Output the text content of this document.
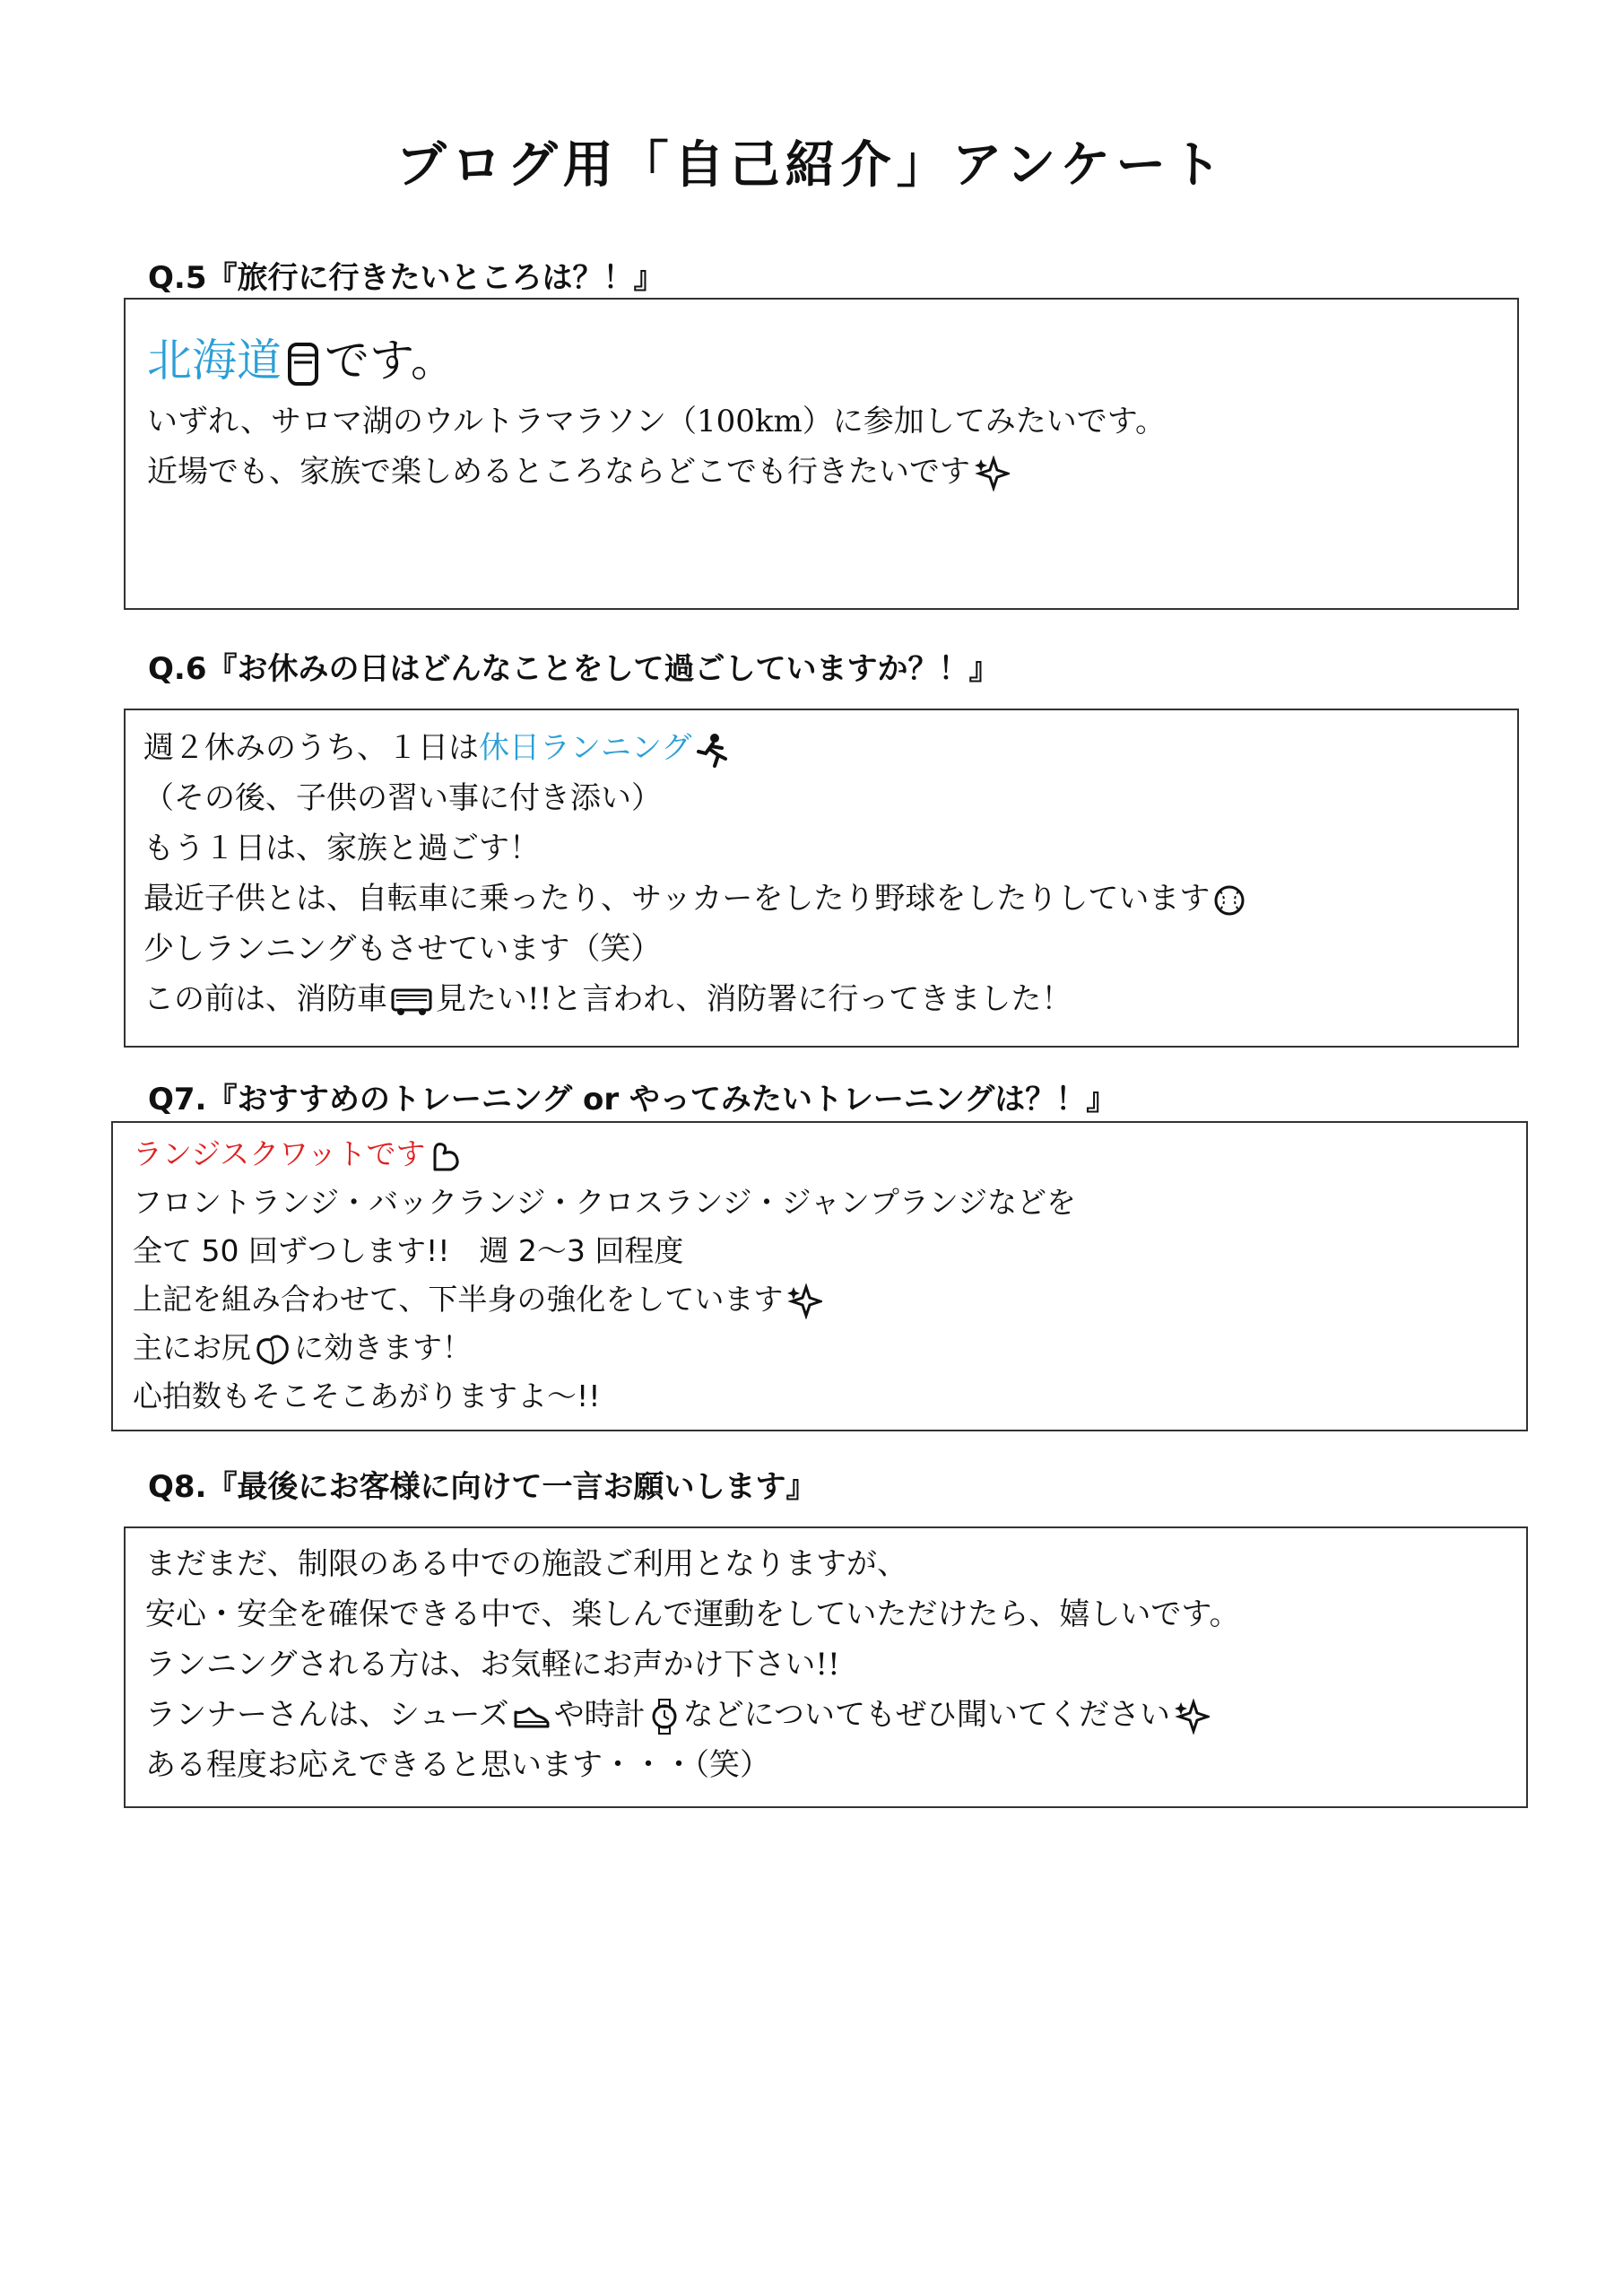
ブログ用「自己紹介」アンケート
Q.5『旅行に行きたいところは？！』
北海道 です。
いずれ、サロマ湖のウルトラマラソン（100km）に参加してみたいです。
近場でも、家族で楽しめるところならどこでも行きたいです
Q.6『お休みの日はどんなことをして過ごしていますか？！』
週２休みのうち、１日は休日ランニング
（その後、子供の習い事に付き添い）
もう１日は、家族と過ごす！
最近子供とは、自転車に乗ったり、サッカーをしたり野球をしたりしています
少しランニングもさせています（笑）
この前は、消防車 見たい!!と言われ、消防署に行ってきました！
Q7.『おすすめのトレーニング or やってみたいトレーニングは？！』
ランジスクワットです
フロントランジ・バックランジ・クロスランジ・ジャンプランジなどを
全て 50 回ずつします!!　週 2～3 回程度
上記を組み合わせて、下半身の強化をしています
主にお尻 に効きます！
心拍数もそこそこあがりますよ～!!
Q8.『最後にお客様に向けて一言お願いします』
まだまだ、制限のある中での施設ご利用となりますが、
安心・安全を確保できる中で、楽しんで運動をしていただけたら、嬉しいです。
ランニングされる方は、お気軽にお声かけ下さい!!
ランナーさんは、シューズ や時計 などについてもぜひ聞いてください
ある程度お応えできると思います・・・（笑）
